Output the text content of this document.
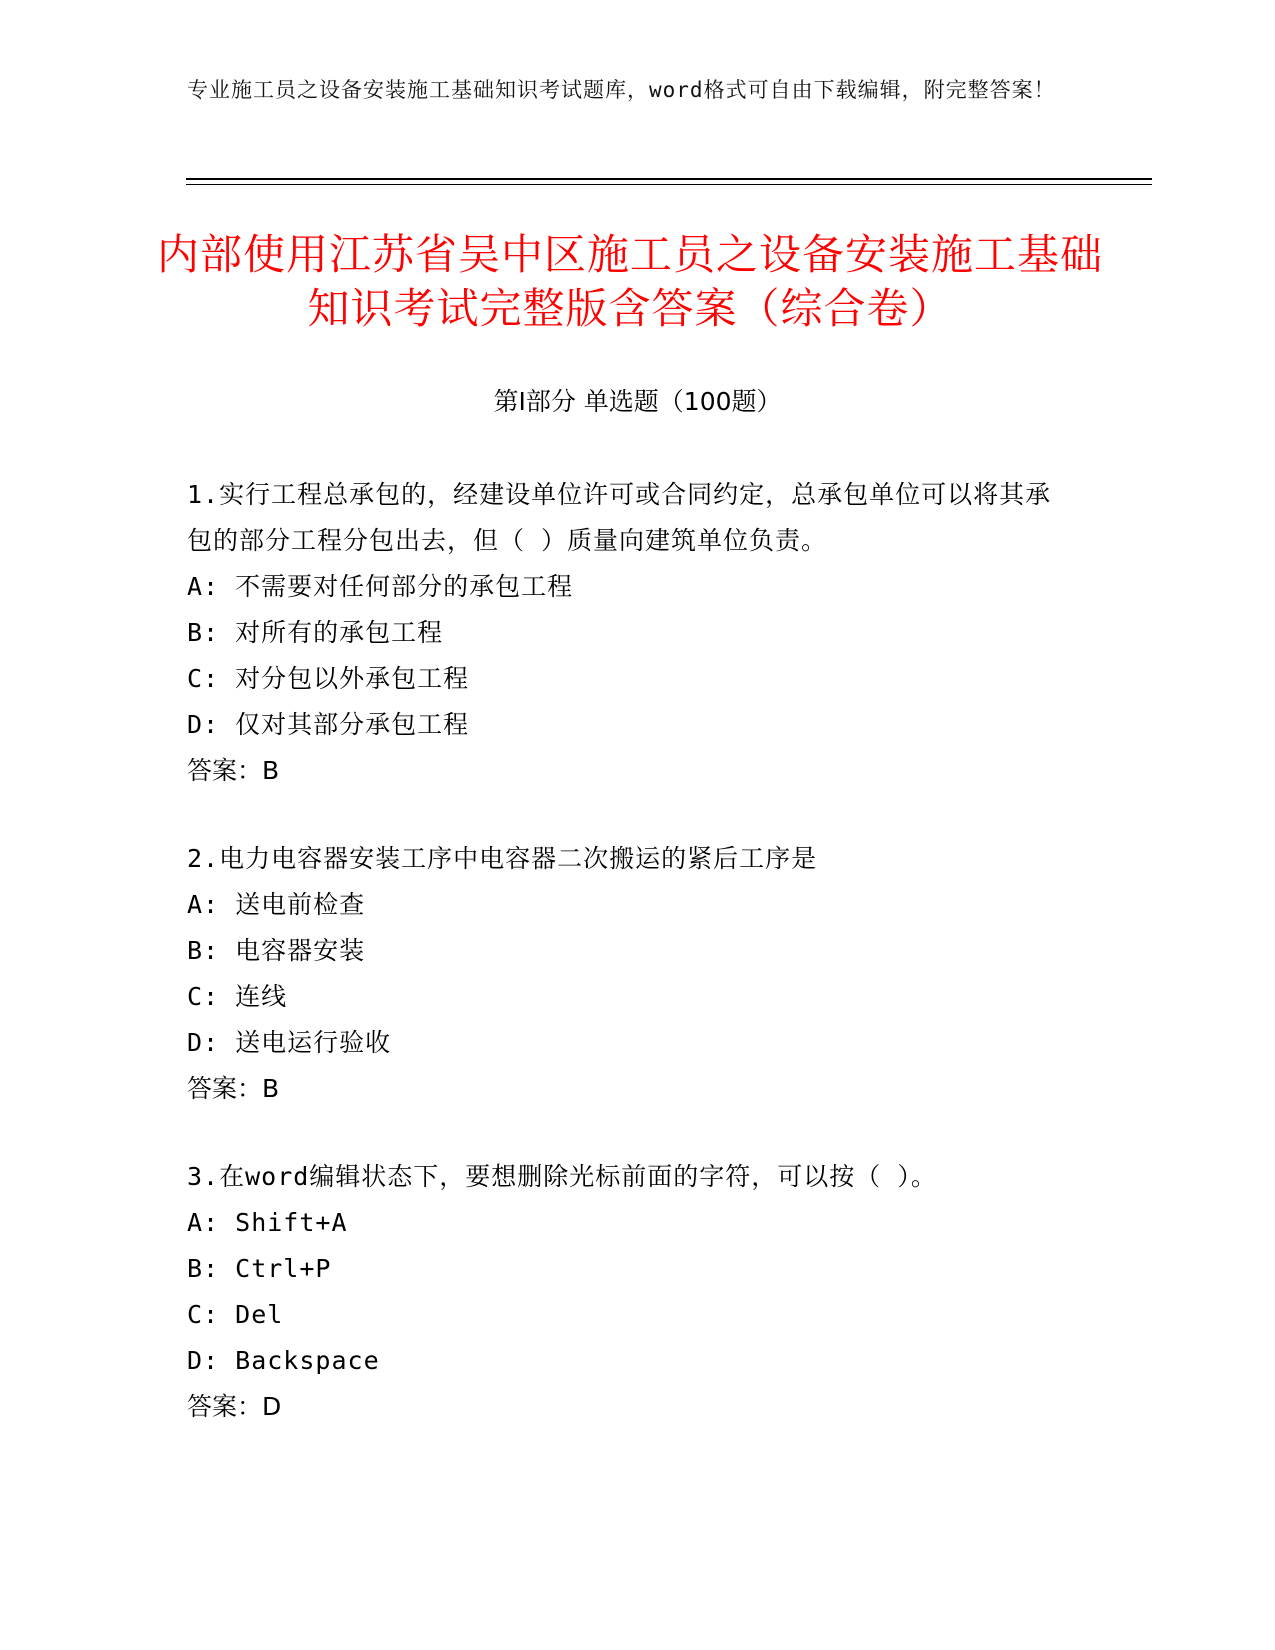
专业施工员之设备安装施工基础知识考试题库，word格式可自由下载编辑，附完整答案！
内部使用江苏省吴中区施工员之设备安装施工基础知识考试完整版含答案（综合卷）
第Ⅰ部分 单选题（100题）

1.实行工程总承包的，经建设单位许可或合同约定，总承包单位可以将其承包的部分工程分包出去，但（ ）质量向建筑单位负责。

A: 不需要对任何部分的承包工程

B: 对所有的承包工程

C: 对分包以外承包工程

D: 仅对其部分承包工程

答案：B

2.电力电容器安装工序中电容器二次搬运的紧后工序是

A: 送电前检查

B: 电容器安装

C: 连线

D: 送电运行验收

答案：B

3.在word编辑状态下，要想删除光标前面的字符，可以按（ ）。

A: Shift+A

B: Ctrl+P

C: Del

D: Backspace

答案：D
